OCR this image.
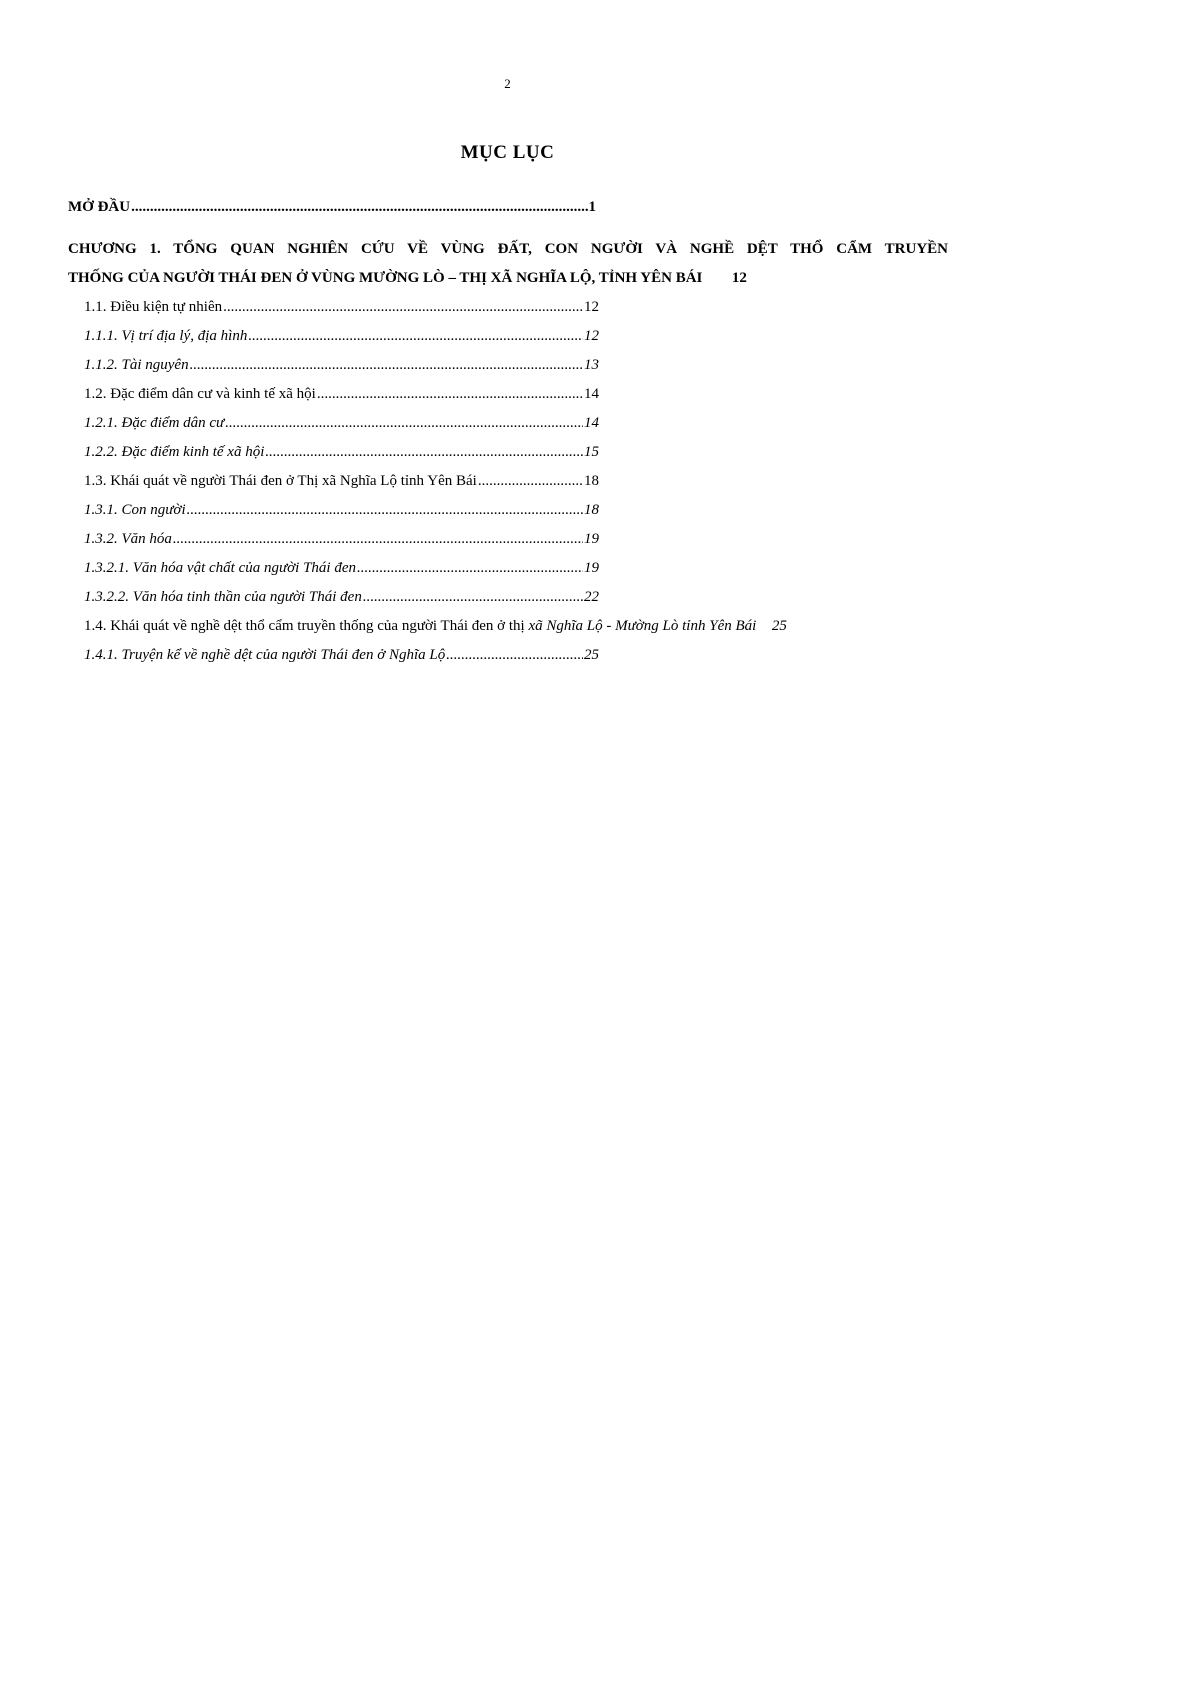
2
MỤC LỤC
MỞ ĐẦU .....	1
CHƯƠNG 1. TỔNG QUAN NGHIÊN CỨU VỀ VÙNG ĐẤT, CON NGƯỜI VÀ NGHỀ DỆT THỔ CẨM TRUYỀN
THỐNG CỦA NGƯỜI THÁI ĐEN Ở VÙNG MƯỜNG LÒ – THỊ XÃ NGHĨA LỘ, TỈNH YÊN BÁI 12
1.1. Điều kiện tự nhiên .....	12
1.1.1. Vị trí địa lý, địa hình .....	12
1.1.2. Tài nguyên .....	13
1.2. Đặc điểm dân cư và kinh tế xã hội .....	14
1.2.1. Đặc điểm dân cư .....	14
1.2.2. Đặc điểm kinh tế xã hội .....	15
1.3. Khái quát về người Thái đen ở Thị xã Nghĩa Lộ tỉnh Yên Bái .....	18
1.3.1. Con người .....	18
1.3.2. Văn hóa .....	19
1.3.2.1. Văn hóa vật chất của người Thái đen .....	19
1.3.2.2. Văn hóa tinh thần của người Thái đen .....	22
1.4. Khái quát về nghề dệt thổ cẩm truyền thống của người Thái đen ở thị xã Nghĩa Lộ - Mường Lò tỉnh Yên Bái 25
1.4.1. Truyện kể về nghề dệt của người Thái đen ở Nghĩa Lộ .....	25
